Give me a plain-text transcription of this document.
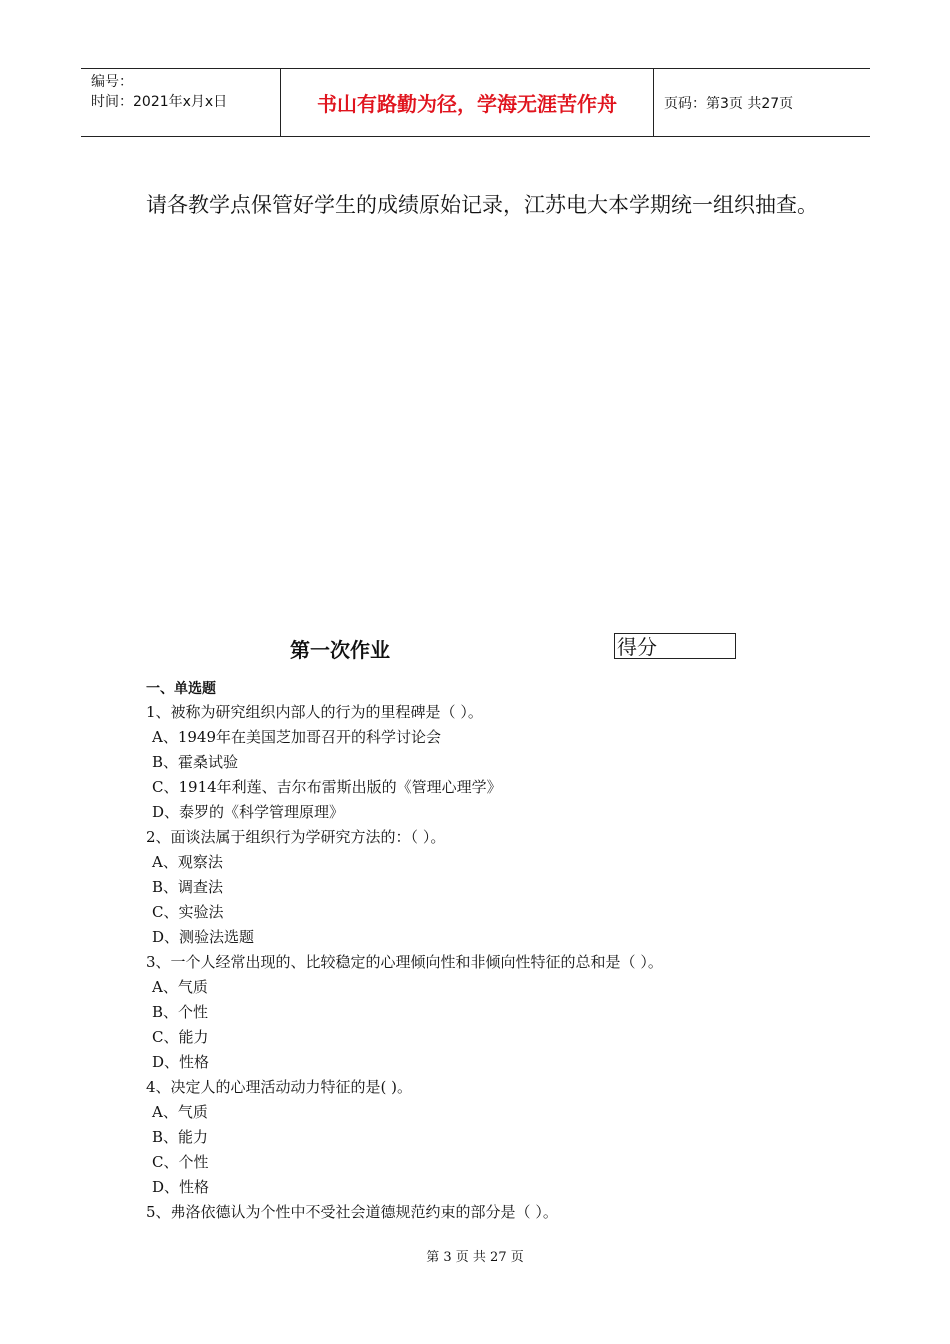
编号：
时间：2021年x月x日	书山有路勤为径，学海无涯苦作舟	页码：第3页 共27页

请各教学点保管好学生的成绩原始记录，江苏电大本学期统一组织抽查。

第一次作业	得分
一、单选题
1、被称为研究组织内部人的行为的里程碑是（ ）。
A、1949年在美国芝加哥召开的科学讨论会
B、霍桑试验
C、1914年利莲、吉尔布雷斯出版的《管理心理学》
D、泰罗的《科学管理原理》
2、面谈法属于组织行为学研究方法的：（ ）。
A、观察法
B、调查法
C、实验法
D、测验法选题
3、一个人经常出现的、比较稳定的心理倾向性和非倾向性特征的总和是（ ）。
A、气质
B、个性
C、能力
D、性格
4、决定人的心理活动动力特征的是( )。
A、气质
B、能力
C、个性
D、性格
5、弗洛依德认为个性中不受社会道德规范约束的部分是（ ）。
第 3 页 共 27 页
